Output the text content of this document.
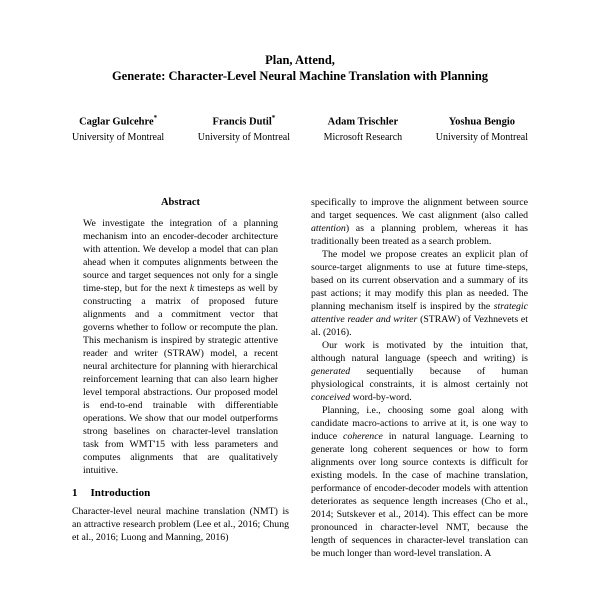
Plan, Attend,
Generate: Character-Level Neural Machine Translation with Planning
Caglar Gulcehre*
University of Montreal
Francis Dutil*
University of Montreal
Adam Trischler
Microsoft Research
Yoshua Bengio
University of Montreal
Abstract
We investigate the integration of a planning mechanism into an encoder-decoder architecture with attention. We develop a model that can plan ahead when it computes alignments between the source and target sequences not only for a single time-step, but for the next k timesteps as well by constructing a matrix of proposed future alignments and a commitment vector that governs whether to follow or recompute the plan. This mechanism is inspired by strategic attentive reader and writer (STRAW) model, a recent neural architecture for planning with hierarchical reinforcement learning that can also learn higher level temporal abstractions. Our proposed model is end-to-end trainable with differentiable operations. We show that our model outperforms strong baselines on character-level translation task from WMT'15 with less parameters and computes alignments that are qualitatively intuitive.
1 Introduction

Character-level neural machine translation (NMT) is an attractive research problem (Lee et al., 2016; Chung et al., 2016; Luong and Manning, 2016)

specifically to improve the alignment between source and target sequences. We cast alignment (also called attention) as a planning problem, whereas it has traditionally been treated as a search problem.

The model we propose creates an explicit plan of source-target alignments to use at future time-steps, based on its current observation and a summary of its past actions; it may modify this plan as needed. The planning mechanism itself is inspired by the strategic attentive reader and writer (STRAW) of Vezhnevets et al. (2016).

Our work is motivated by the intuition that, although natural language (speech and writing) is generated sequentially because of human physiological constraints, it is almost certainly not conceived word-by-word.

Planning, i.e., choosing some goal along with candidate macro-actions to arrive at it, is one way to induce coherence in natural language. Learning to generate long coherent sequences or how to form alignments over long source contexts is difficult for existing models. In the case of machine translation, performance of encoder-decoder models with attention deteriorates as sequence length increases (Cho et al., 2014; Sutskever et al., 2014). This effect can be more pronounced in character-level NMT, because the length of sequences in character-level translation can be much longer than word-level translation. A
